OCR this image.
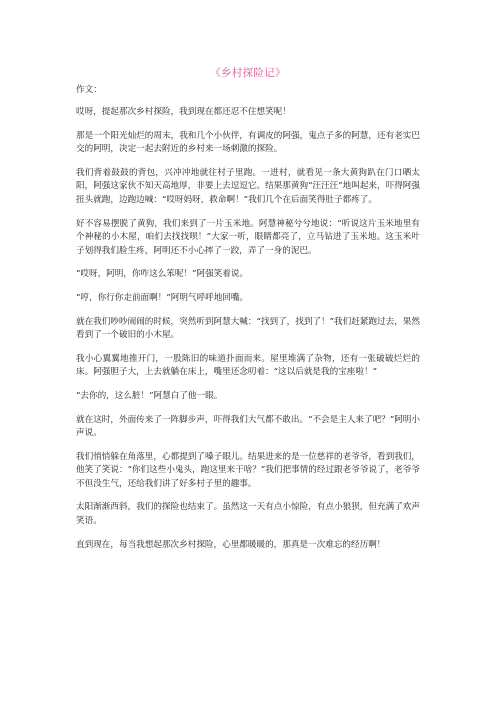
《乡村探险记》

作文：

哎呀，提起那次乡村探险，我到现在都还忍不住想笑呢！

那是一个阳光灿烂的周末，我和几个小伙伴，有调皮的阿强，鬼点子多的阿慧，还有老实巴交的阿明，决定一起去附近的乡村来一场刺激的探险。

我们背着鼓鼓的背包，兴冲冲地就往村子里跑。一进村，就看见一条大黄狗趴在门口晒太阳，阿强这家伙不知天高地厚，非要上去逗逗它。结果那黄狗“汪汪汪”地叫起来，吓得阿强扭头就跑，边跑边喊：“哎呀妈呀，救命啊！”我们几个在后面笑得肚子都疼了。

好不容易摆脱了黄狗，我们来到了一片玉米地。阿慧神秘兮兮地说：“听说这片玉米地里有个神秘的小木屋，咱们去找找呗！”大家一听，眼睛都亮了，立马钻进了玉米地。这玉米叶子划得我们脸生疼，阿明还不小心摔了一跤，弄了一身的泥巴。

“哎呀，阿明，你咋这么笨呢！”阿强笑着说。

“哼，你行你走前面啊！”阿明气呼呼地回嘴。

就在我们吵吵闹闹的时候，突然听到阿慧大喊：“找到了，找到了！”我们赶紧跑过去，果然看到了一个破旧的小木屋。

我小心翼翼地推开门，一股陈旧的味道扑面而来。屋里堆满了杂物，还有一张破破烂烂的床。阿强胆子大，上去就躺在床上，嘴里还念叨着：“这以后就是我的宝座啦！”

“去你的，这么脏！”阿慧白了他一眼。

就在这时，外面传来了一阵脚步声，吓得我们大气都不敢出。“不会是主人来了吧？”阿明小声说。

我们悄悄躲在角落里，心都提到了嗓子眼儿。结果进来的是一位慈祥的老爷爷，看到我们，他笑了笑说：“你们这些小鬼头，跑这里来干啥？”我们把事情的经过跟老爷爷说了，老爷爷不但没生气，还给我们讲了好多村子里的趣事。

太阳渐渐西斜，我们的探险也结束了。虽然这一天有点小惊险，有点小狼狈，但充满了欢声笑语。

直到现在，每当我想起那次乡村探险，心里都暖暖的，那真是一次难忘的经历啊！
